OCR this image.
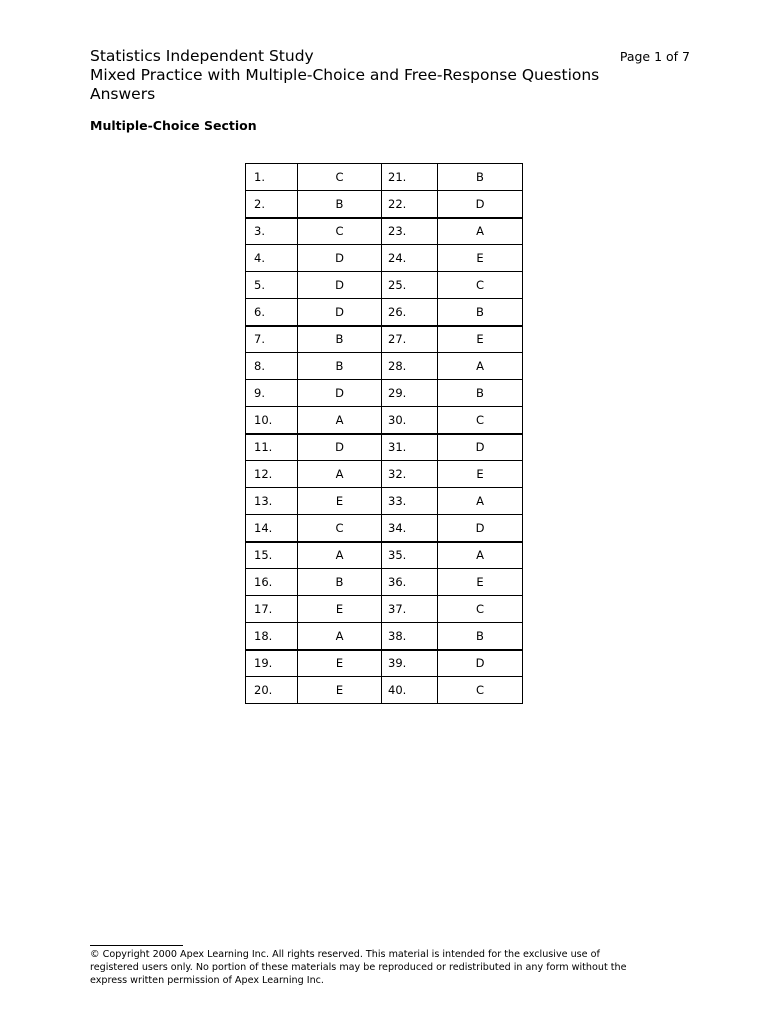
Statistics Independent Study
Mixed Practice with Multiple-Choice and Free-Response Questions
Answers
Page 1 of 7
Multiple-Choice Section
1.	C	21.	B
2.	B	22.	D
3.	C	23.	A
4.	D	24.	E
5.	D	25.	C
6.	D	26.	B
7.	B	27.	E
8.	B	28.	A
9.	D	29.	B
10.	A	30.	C
11.	D	31.	D
12.	A	32.	E
13.	E	33.	A
14.	C	34.	D
15.	A	35.	A
16.	B	36.	E
17.	E	37.	C
18.	A	38.	B
19.	E	39.	D
20.	E	40.	C
© Copyright 2000 Apex Learning Inc. All rights reserved. This material is intended for the exclusive use of
registered users only. No portion of these materials may be reproduced or redistributed in any form without the
express written permission of Apex Learning Inc.
